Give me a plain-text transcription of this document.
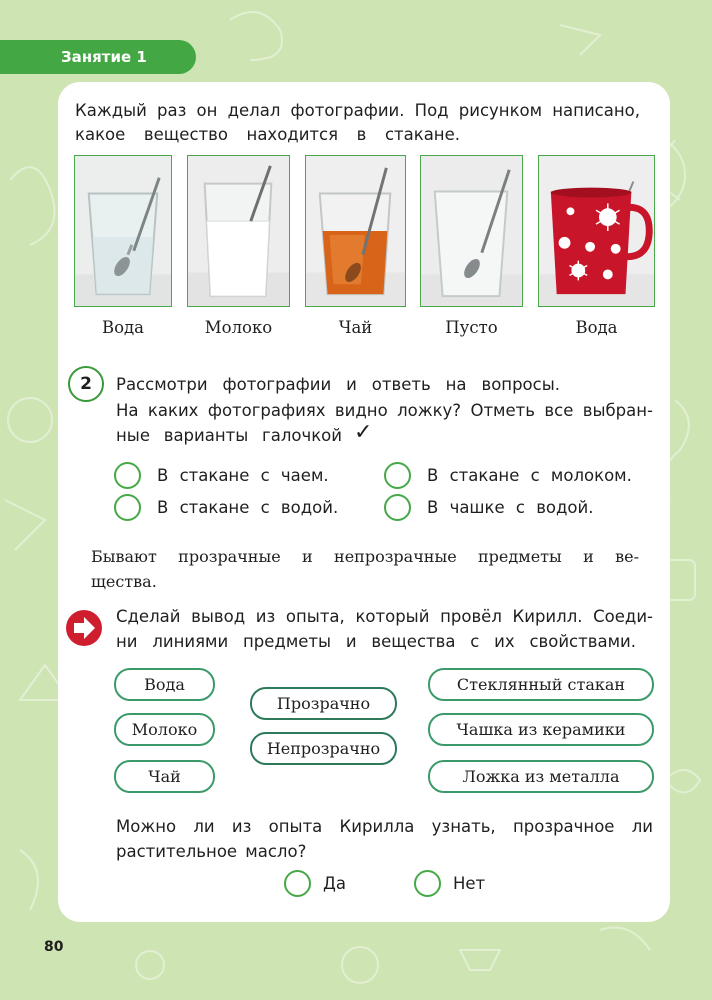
Занятие 1
Каждый раз он делал фотографии. Под рисунком написано,
какое вещество находится в стакане.
Вода	Молоко	Чай	Пусто	Вода
2	Рассмотри фотографии и ответь на вопросы.
На каких фотографиях видно ложку? Отметь все выбран-
ные варианты галочкой ✓
В стакане с чаем.	В стакане с молоком.
В стакане с водой.	В чашке с водой.
Бывают прозрачные и непрозрачные предметы и ве-
щества.
Сделай вывод из опыта, который провёл Кирилл. Соеди-
ни линиями предметы и вещества с их свойствами.
Вода
Молоко
Чай
Прозрачно
Непрозрачно
Стеклянный стакан
Чашка из керамики
Ложка из металла
Можно ли из опыта Кирилла узнать, прозрачное ли
растительное масло?
Да	Нет
80
